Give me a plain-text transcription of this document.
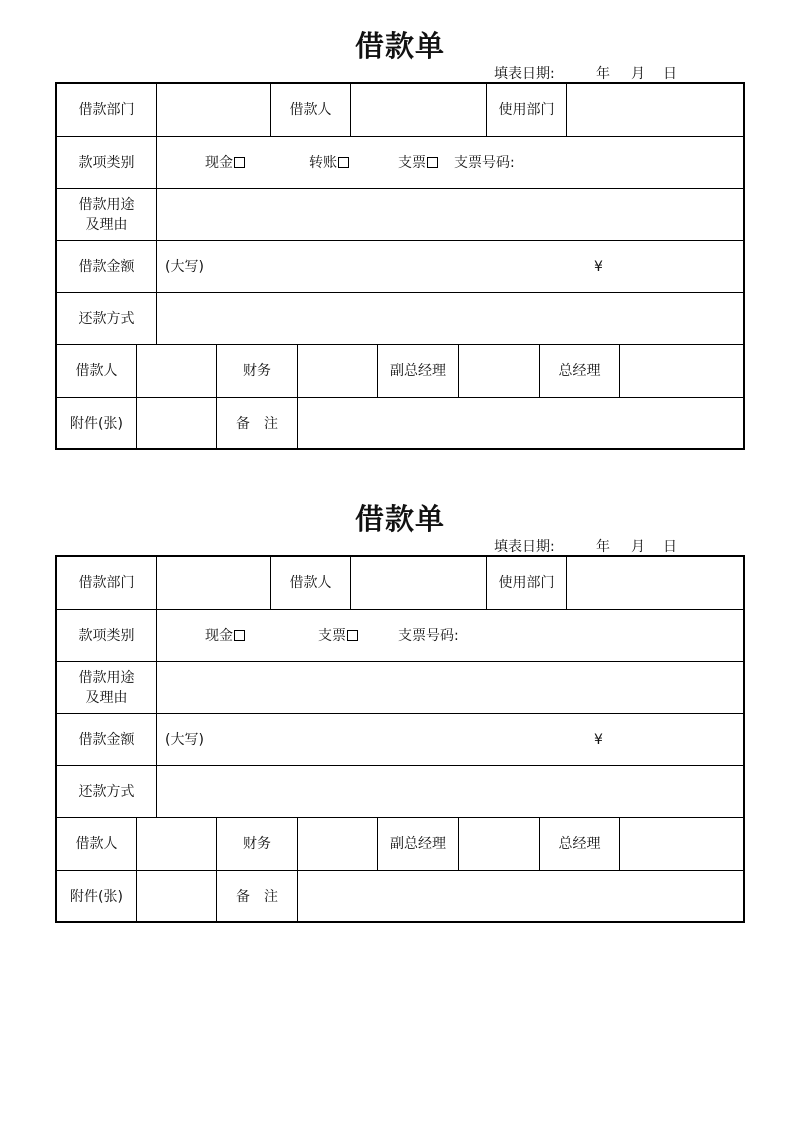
借款单
填表日期:	年 月 日
借款部门	借款人	使用部门
款项类别	现金	转账	支票 支票号码:
借款用途
及理由
借款金额	(大写)	¥
还款方式
借款人	财务	副总经理	总经理
附件(张)	备　注
借款单
填表日期:	年 月 日
借款部门	借款人	使用部门
款项类别	现金	支票	支票号码:
借款用途
及理由
借款金额	(大写)	¥
还款方式
借款人	财务	副总经理	总经理
附件(张)	备　注
